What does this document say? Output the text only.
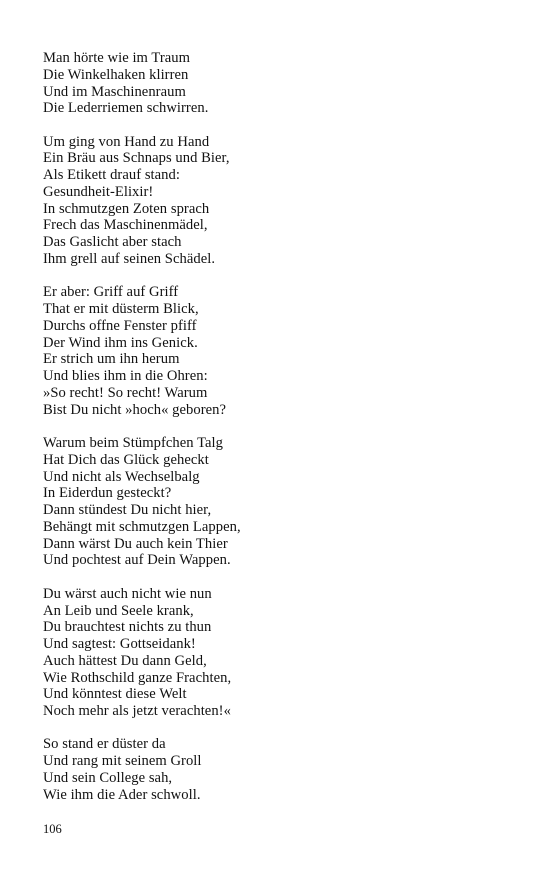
Man hörte wie im Traum
Die Winkelhaken klirren
Und im Maschinenraum
Die Lederriemen schwirren.
Um ging von Hand zu Hand
Ein Bräu aus Schnaps und Bier,
Als Etikett drauf stand:
Gesundheit-Elixir!
In schmutzgen Zoten sprach
Frech das Maschinenmädel,
Das Gaslicht aber stach
Ihm grell auf seinen Schädel.
Er aber: Griff auf Griff
That er mit düsterm Blick,
Durchs offne Fenster pfiff
Der Wind ihm ins Genick.
Er strich um ihn herum
Und blies ihm in die Ohren:
»So recht! So recht! Warum
Bist Du nicht »hoch« geboren?
Warum beim Stümpfchen Talg
Hat Dich das Glück geheckt
Und nicht als Wechselbalg
In Eiderdun gesteckt?
Dann stündest Du nicht hier,
Behängt mit schmutzgen Lappen,
Dann wärst Du auch kein Thier
Und pochtest auf Dein Wappen.
Du wärst auch nicht wie nun
An Leib und Seele krank,
Du brauchtest nichts zu thun
Und sagtest: Gottseidank!
Auch hättest Du dann Geld,
Wie Rothschild ganze Frachten,
Und könntest diese Welt
Noch mehr als jetzt verachten!«
So stand er düster da
Und rang mit seinem Groll
Und sein College sah,
Wie ihm die Ader schwoll.
106
